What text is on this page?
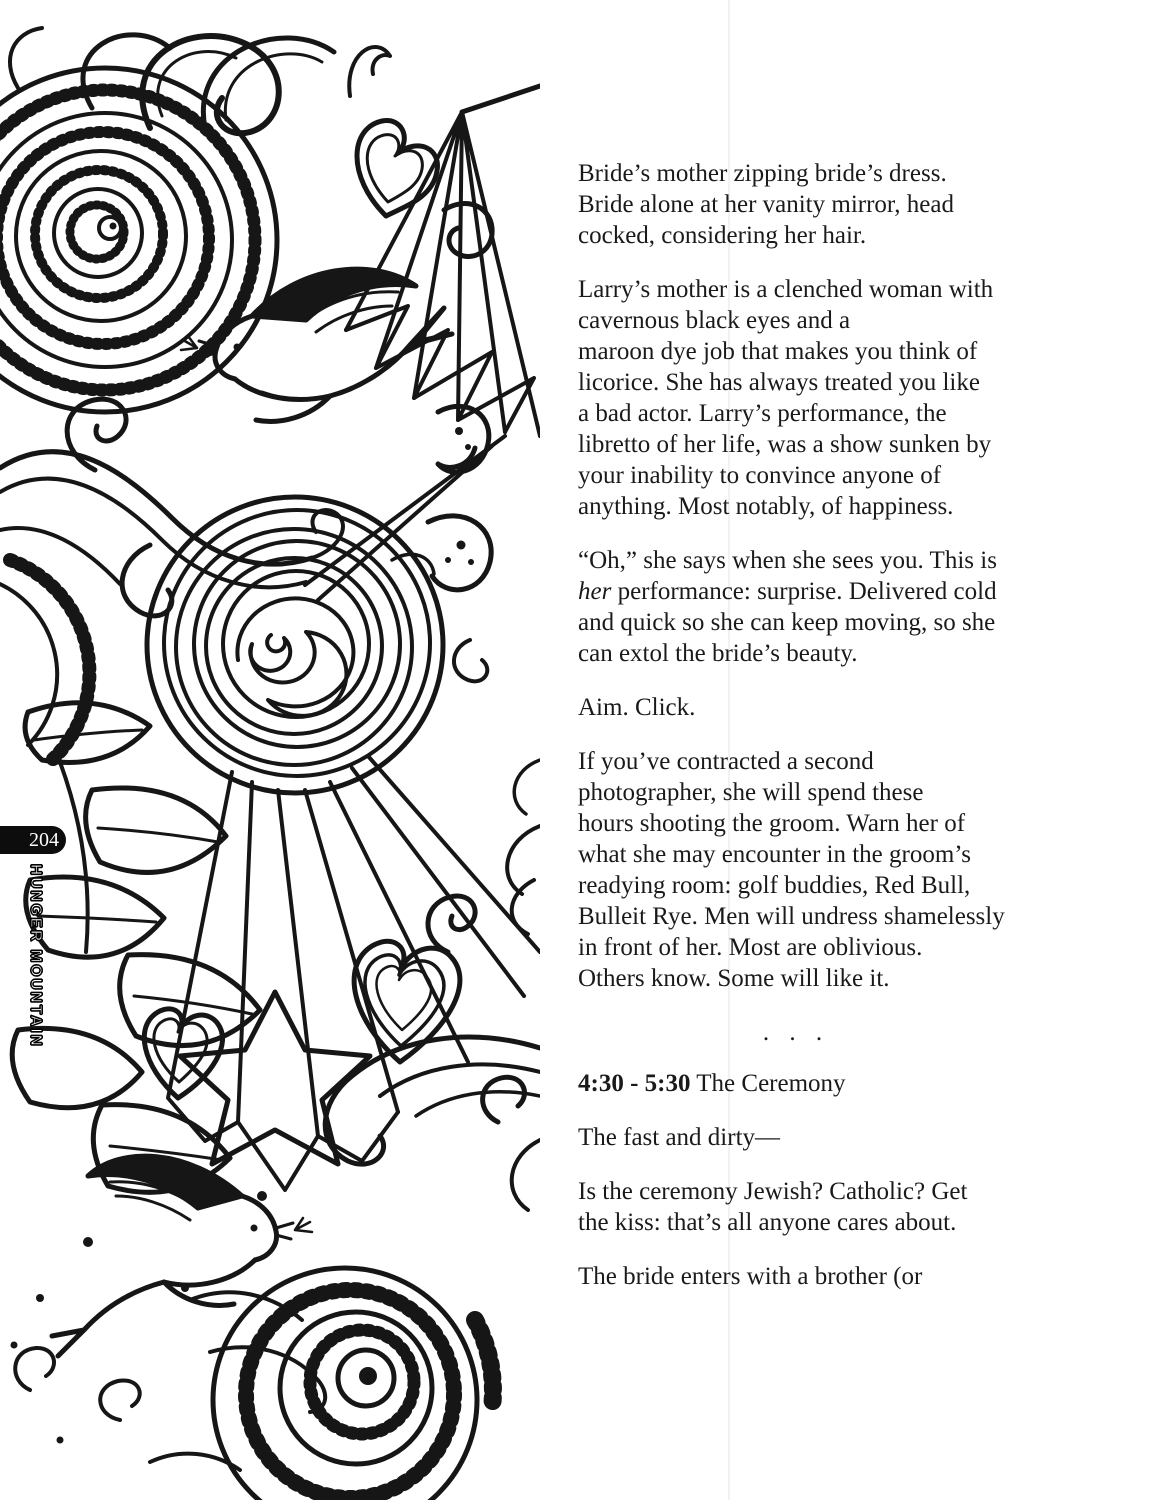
204
HUNGER MOUNTAIN
Bride’s mother zipping bride’s dress.
Bride alone at her vanity mirror, head
cocked, considering her hair.
Larry’s mother is a clenched woman with
cavernous black eyes and a
maroon dye job that makes you think of
licorice. She has always treated you like
a bad actor. Larry’s performance, the
libretto of her life, was a show sunken by
your inability to convince anyone of
anything. Most notably, of happiness.
“Oh,” she says when she sees you. This is
her performance: surprise. Delivered cold
and quick so she can keep moving, so she
can extol the bride’s beauty.
Aim. Click.
If you’ve contracted a second
photographer, she will spend these
hours shooting the groom. Warn her of
what she may encounter in the groom’s
readying room: golf buddies, Red Bull,
Bulleit Rye. Men will undress shamelessly
in front of her. Most are oblivious.
Others know. Some will like it.
. . .
4:30 - 5:30 The Ceremony
The fast and dirty—
Is the ceremony Jewish? Catholic? Get
the kiss: that’s all anyone cares about.
The bride enters with a brother (or
